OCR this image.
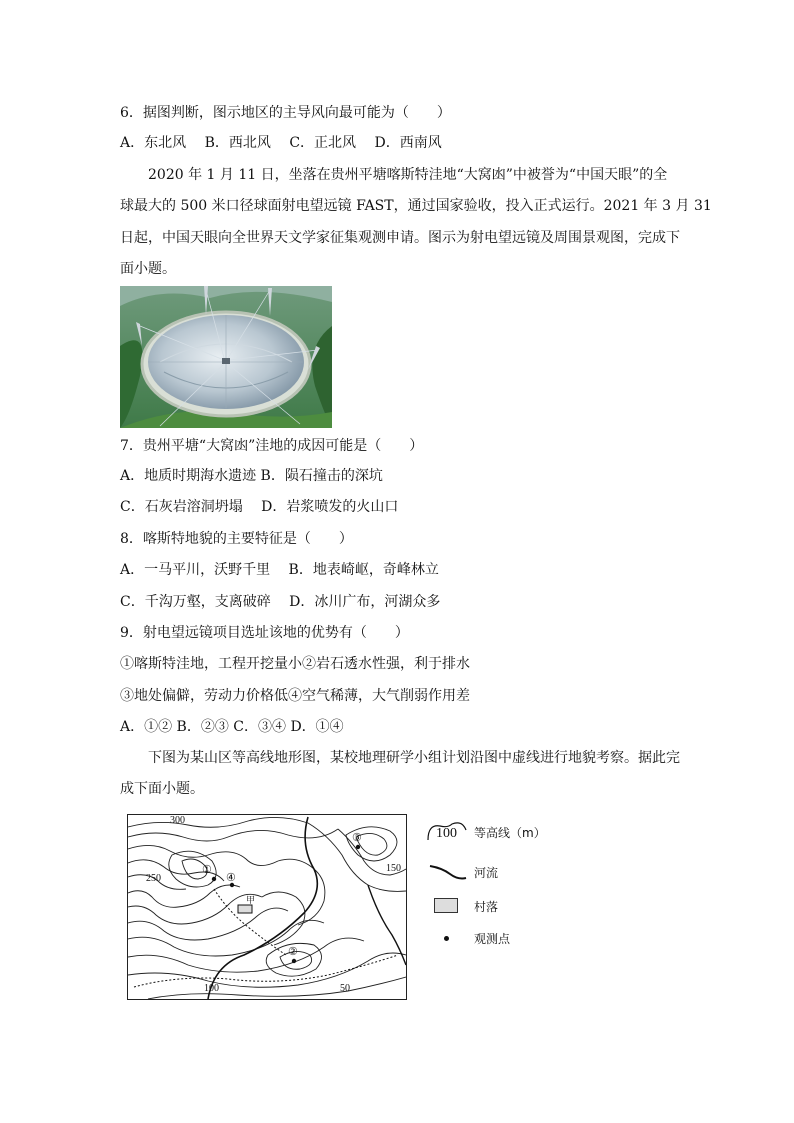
6．据图判断，图示地区的主导风向最可能为（　　）
A．东北风 B．西北风 C．正北风 D．西南风
2020 年 1 月 11 日，坐落在贵州平塘喀斯特洼地“大窝凼”中被誉为“中国天眼”的全
球最大的 500 米口径球面射电望远镜 FAST，通过国家验收，投入正式运行。2021 年 3 月 31
日起，中国天眼向全世界天文学家征集观测申请。图示为射电望远镜及周围景观图，完成下
面小题。
7．贵州平塘“大窝凼”洼地的成因可能是（　　）
A．地质时期海水遗迹 B．陨石撞击的深坑
C．石灰岩溶洞坍塌　 D．岩浆喷发的火山口
8．喀斯特地貌的主要特征是（　　）
A．一马平川，沃野千里　 B．地表崎岖，奇峰林立
C．千沟万壑，支离破碎　 D．冰川广布，河湖众多
9．射电望远镜项目选址该地的优势有（　　）
①喀斯特洼地，工程开挖量小②岩石透水性强，利于排水
③地处偏僻，劳动力价格低④空气稀薄，大气削弱作用差
A．①② B．②③ C．③④ D．①④
下图为某山区等高线地形图，某校地理研学小组计划沿图中虚线进行地貌考察。据此完
成下面小题。
300
250
150
100	50
①
②
③
④
甲
100 等高线（m）
河流
村落
观测点
